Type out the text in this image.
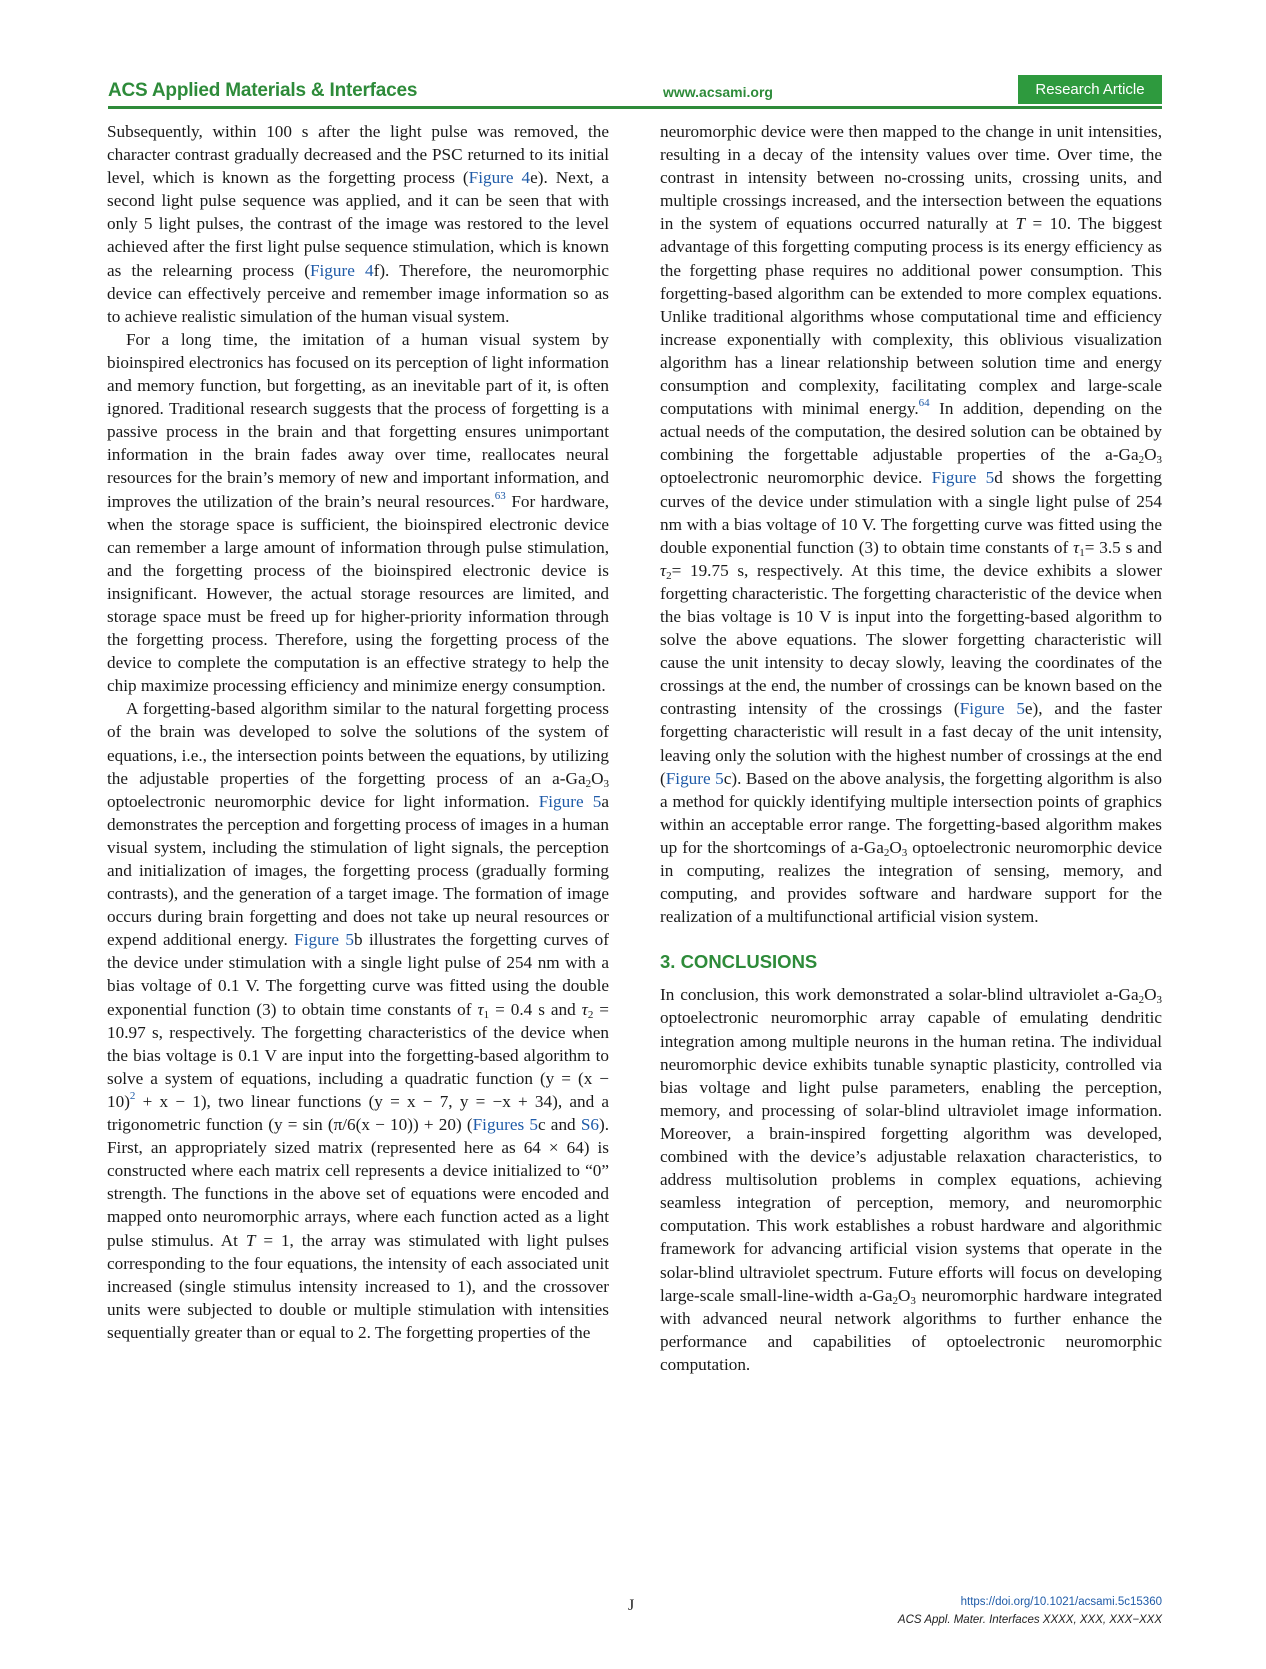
ACS Applied Materials & Interfaces	www.acsami.org	Research Article

Subsequently, within 100 s after the light pulse was removed, the character contrast gradually decreased and the PSC returned to its initial level, which is known as the forgetting process (Figure 4e). Next, a second light pulse sequence was applied, and it can be seen that with only 5 light pulses, the contrast of the image was restored to the level achieved after the first light pulse sequence stimulation, which is known as the relearning process (Figure 4f). Therefore, the neuromorphic device can effectively perceive and remember image information so as to achieve realistic simulation of the human visual system.

For a long time, the imitation of a human visual system by bioinspired electronics has focused on its perception of light information and memory function, but forgetting, as an inevitable part of it, is often ignored. Traditional research suggests that the process of forgetting is a passive process in the brain and that forgetting ensures unimportant information in the brain fades away over time, reallocates neural resources for the brain’s memory of new and important information, and improves the utilization of the brain’s neural resources.$^{63}$ For hardware, when the storage space is sufficient, the bioinspired electronic device can remember a large amount of information through pulse stimulation, and the forgetting process of the bioinspired electronic device is insignificant. However, the actual storage resources are limited, and storage space must be freed up for higher-priority information through the forgetting process. Therefore, using the forgetting process of the device to complete the computation is an effective strategy to help the chip maximize processing efficiency and minimize energy consumption.

A forgetting-based algorithm similar to the natural forgetting process of the brain was developed to solve the solutions of the system of equations, i.e., the intersection points between the equations, by utilizing the adjustable properties of the forgetting process of an $a-Ga_2O_3$ optoelectronic neuromorphic device for light information. Figure 5a demonstrates the perception and forgetting process of images in a human visual system, including the stimulation of light signals, the perception and initialization of images, the forgetting process (gradually forming contrasts), and the generation of a target image. The formation of image occurs during brain forgetting and does not take up neural resources or expend additional energy. Figure 5b illustrates the forgetting curves of the device under stimulation with a single light pulse of 254 nm with a bias voltage of 0.1 V. The forgetting curve was fitted using the double exponential function (3) to obtain time constants of $\tau_1 = 0.4$ s and $\tau_2 = 10.97$ s, respectively. The forgetting characteristics of the device when the bias voltage is 0.1 V are input into the forgetting-based algorithm to solve a system of equations, including a quadratic function (y = (x − 10)$^2$ + x − 1), two linear functions (y = x − 7, y = −x + 34), and a trigonometric function (y = sin (π/6(x − 10)) + 20) (Figures 5c and S6). First, an appropriately sized matrix (represented here as 64 × 64) is constructed where each matrix cell represents a device initialized to “0” strength. The functions in the above set of equations were encoded and mapped onto neuromorphic arrays, where each function acted as a light pulse stimulus. At T = 1, the array was stimulated with light pulses corresponding to the four equations, the intensity of each associated unit increased (single stimulus intensity increased to 1), and the crossover units were subjected to double or multiple stimulation with intensities sequentially greater than or equal to 2. The forgetting properties of the

neuromorphic device were then mapped to the change in unit intensities, resulting in a decay of the intensity values over time. Over time, the contrast in intensity between no-crossing units, crossing units, and multiple crossings increased, and the intersection between the equations in the system of equations occurred naturally at T = 10. The biggest advantage of this forgetting computing process is its energy efficiency as the forgetting phase requires no additional power consumption. This forgetting-based algorithm can be extended to more complex equations. Unlike traditional algorithms whose computational time and efficiency increase exponentially with complexity, this oblivious visualization algorithm has a linear relationship between solution time and energy consumption and complexity, facilitating complex and large-scale computations with minimal energy.$^{64}$ In addition, depending on the actual needs of the computation, the desired solution can be obtained by combining the forgettable adjustable properties of the $a-Ga_2O_3$ optoelectronic neuromorphic device. Figure 5d shows the forgetting curves of the device under stimulation with a single light pulse of 254 nm with a bias voltage of 10 V. The forgetting curve was fitted using the double exponential function (3) to obtain time constants of $\tau_1= 3.5$ s and $\tau_2= 19.75$ s, respectively. At this time, the device exhibits a slower forgetting characteristic. The forgetting characteristic of the device when the bias voltage is 10 V is input into the forgetting-based algorithm to solve the above equations. The slower forgetting characteristic will cause the unit intensity to decay slowly, leaving the coordinates of the crossings at the end, the number of crossings can be known based on the contrasting intensity of the crossings (Figure 5e), and the faster forgetting characteristic will result in a fast decay of the unit intensity, leaving only the solution with the highest number of crossings at the end (Figure 5c). Based on the above analysis, the forgetting algorithm is also a method for quickly identifying multiple intersection points of graphics within an acceptable error range. The forgetting-based algorithm makes up for the shortcomings of $a-Ga_2O_3$ optoelectronic neuromorphic device in computing, realizes the integration of sensing, memory, and computing, and provides software and hardware support for the realization of a multifunctional artificial vision system.

3. CONCLUSIONS

In conclusion, this work demonstrated a solar-blind ultraviolet $a-Ga_2O_3$ optoelectronic neuromorphic array capable of emulating dendritic integration among multiple neurons in the human retina. The individual neuromorphic device exhibits tunable synaptic plasticity, controlled via bias voltage and light pulse parameters, enabling the perception, memory, and processing of solar-blind ultraviolet image information. Moreover, a brain-inspired forgetting algorithm was developed, combined with the device’s adjustable relaxation characteristics, to address multisolution problems in complex equations, achieving seamless integration of perception, memory, and neuromorphic computation. This work establishes a robust hardware and algorithmic framework for advancing artificial vision systems that operate in the solar-blind ultraviolet spectrum. Future efforts will focus on developing large-scale small-line-width $a-Ga_2O_3$ neuromorphic hardware integrated with advanced neural network algorithms to further enhance the performance and capabilities of optoelectronic neuromorphic computation.

J	https://doi.org/10.1021/acsami.5c15360
ACS Appl. Mater. Interfaces XXXX, XXX, XXX−XXX
